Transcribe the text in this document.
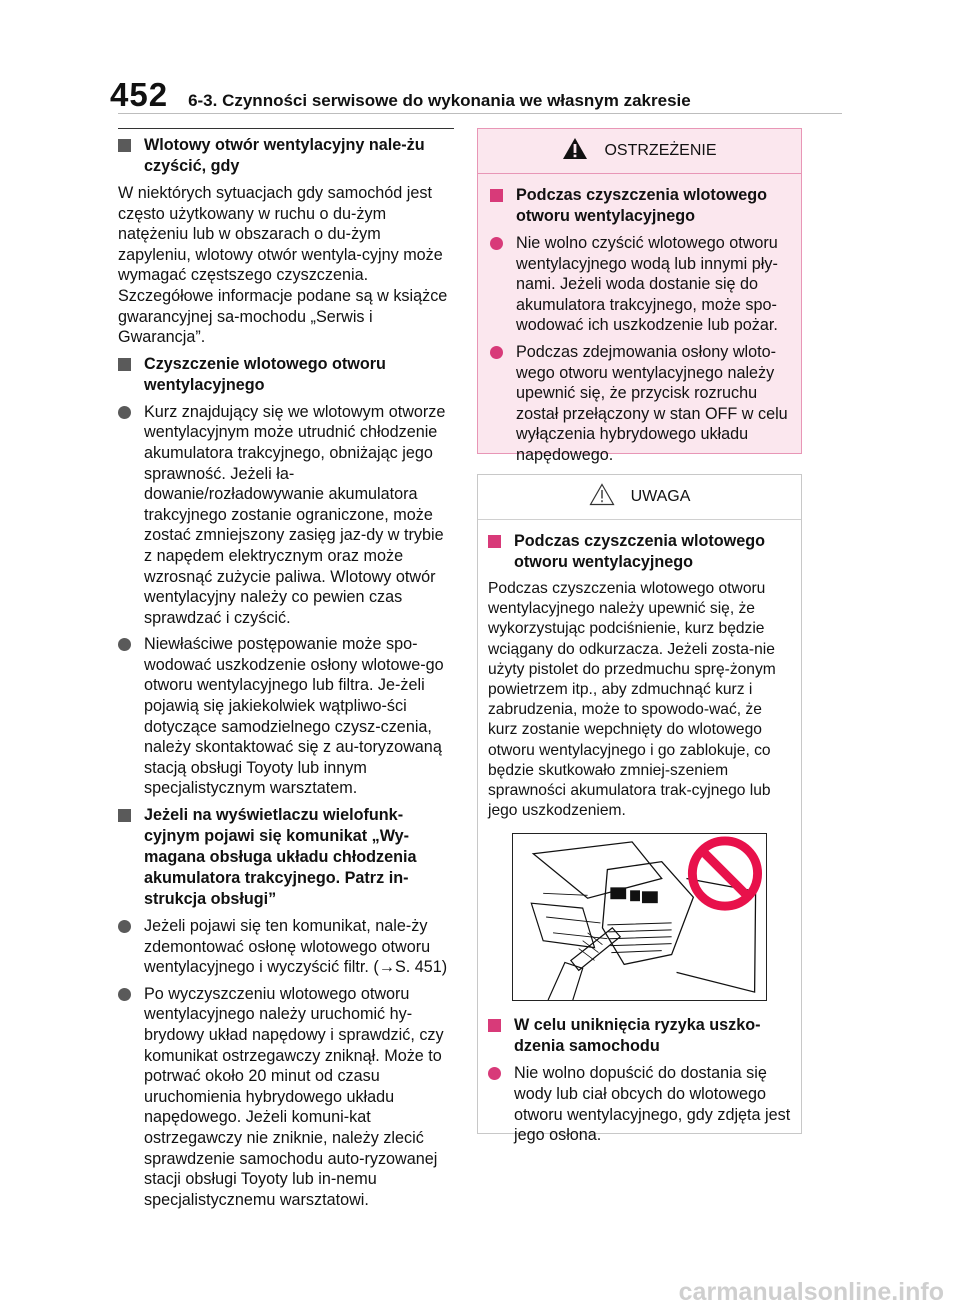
452 6-3. Czynności serwisowe do wykonania we własnym zakresie

Wlotowy otwór wentylacyjny nale-żu czyścić, gdy

W niektórych sytuacjach gdy samochód jest często użytkowany w ruchu o du-żym natężeniu lub w obszarach o du-żym zapyleniu, wlotowy otwór wentyla-cyjny może wymagać częstszego czyszczenia. Szczegółowe informacje podane są w książce gwarancyjnej sa-mochodu „Serwis i Gwarancja”.

Czyszczenie wlotowego otworu wentylacyjnego

Kurz znajdujący się we wlotowym otworze wentylacyjnym może utrudnić chłodzenie akumulatora trakcyjnego, obniżając jego sprawność. Jeżeli ła-dowanie/rozładowywanie akumulatora trakcyjnego zostanie ograniczone, może zostać zmniejszony zasięg jaz-dy w trybie z napędem elektrycznym oraz może wzrosnąć zużycie paliwa. Wlotowy otwór wentylacyjny należy co pewien czas sprawdzać i czyścić.

Niewłaściwe postępowanie może spo-wodować uszkodzenie osłony wlotowe-go otworu wentylacyjnego lub filtra. Je-żeli pojawią się jakiekolwiek wątpliwo-ści dotyczące samodzielnego czysz-czenia, należy skontaktować się z au-toryzowaną stacją obsługi Toyoty lub innym specjalistycznym warsztatem.

Jeżeli na wyświetlaczu wielofunk-cyjnym pojawi się komunikat „Wy-magana obsługa układu chłodzenia akumulatora trakcyjnego. Patrz in-strukcja obsługi”

Jeżeli pojawi się ten komunikat, nale-ży zdemontować osłonę wlotowego otworu wentylacyjnego i wyczyścić filtr. (→S. 451)

Po wyczyszczeniu wlotowego otworu wentylacyjnego należy uruchomić hy-brydowy układ napędowy i sprawdzić, czy komunikat ostrzegawczy zniknął. Może to potrwać około 20 minut od czasu uruchomienia hybrydowego układu napędowego. Jeżeli komuni-kat ostrzegawczy nie zniknie, należy zlecić sprawdzenie samochodu auto-ryzowanej stacji obsługi Toyoty lub in-nemu specjalistycznemu warsztatowi.

OSTRZEŻENIE

Podczas czyszczenia wlotowego otworu wentylacyjnego

Nie wolno czyścić wlotowego otworu wentylacyjnego wodą lub innymi pły-nami. Jeżeli woda dostanie się do akumulatora trakcyjnego, może spo-wodować ich uszkodzenie lub pożar.

Podczas zdejmowania osłony wloto-wego otworu wentylacyjnego należy upewnić się, że przycisk rozruchu został przełączony w stan OFF w celu wyłączenia hybrydowego układu napędowego.

UWAGA

Podczas czyszczenia wlotowego otworu wentylacyjnego

Podczas czyszczenia wlotowego otworu wentylacyjnego należy upewnić się, że wykorzystując podciśnienie, kurz będzie wciągany do odkurzacza. Jeżeli zosta-nie użyty pistolet do przedmuchu sprę-żonym powietrzem itp., aby zdmuchnąć kurz i zabrudzenia, może to spowodo-wać, że kurz zostanie wepchnięty do wlotowego otworu wentylacyjnego i go zablokuje, co będzie skutkowało zmniej-szeniem sprawności akumulatora trak-cyjnego lub jego uszkodzeniem.

W celu uniknięcia ryzyka uszko-dzenia samochodu

Nie wolno dopuścić do dostania się wody lub ciał obcych do wlotowego otworu wentylacyjnego, gdy zdjęta jest jego osłona.

carmanualsonline.info
